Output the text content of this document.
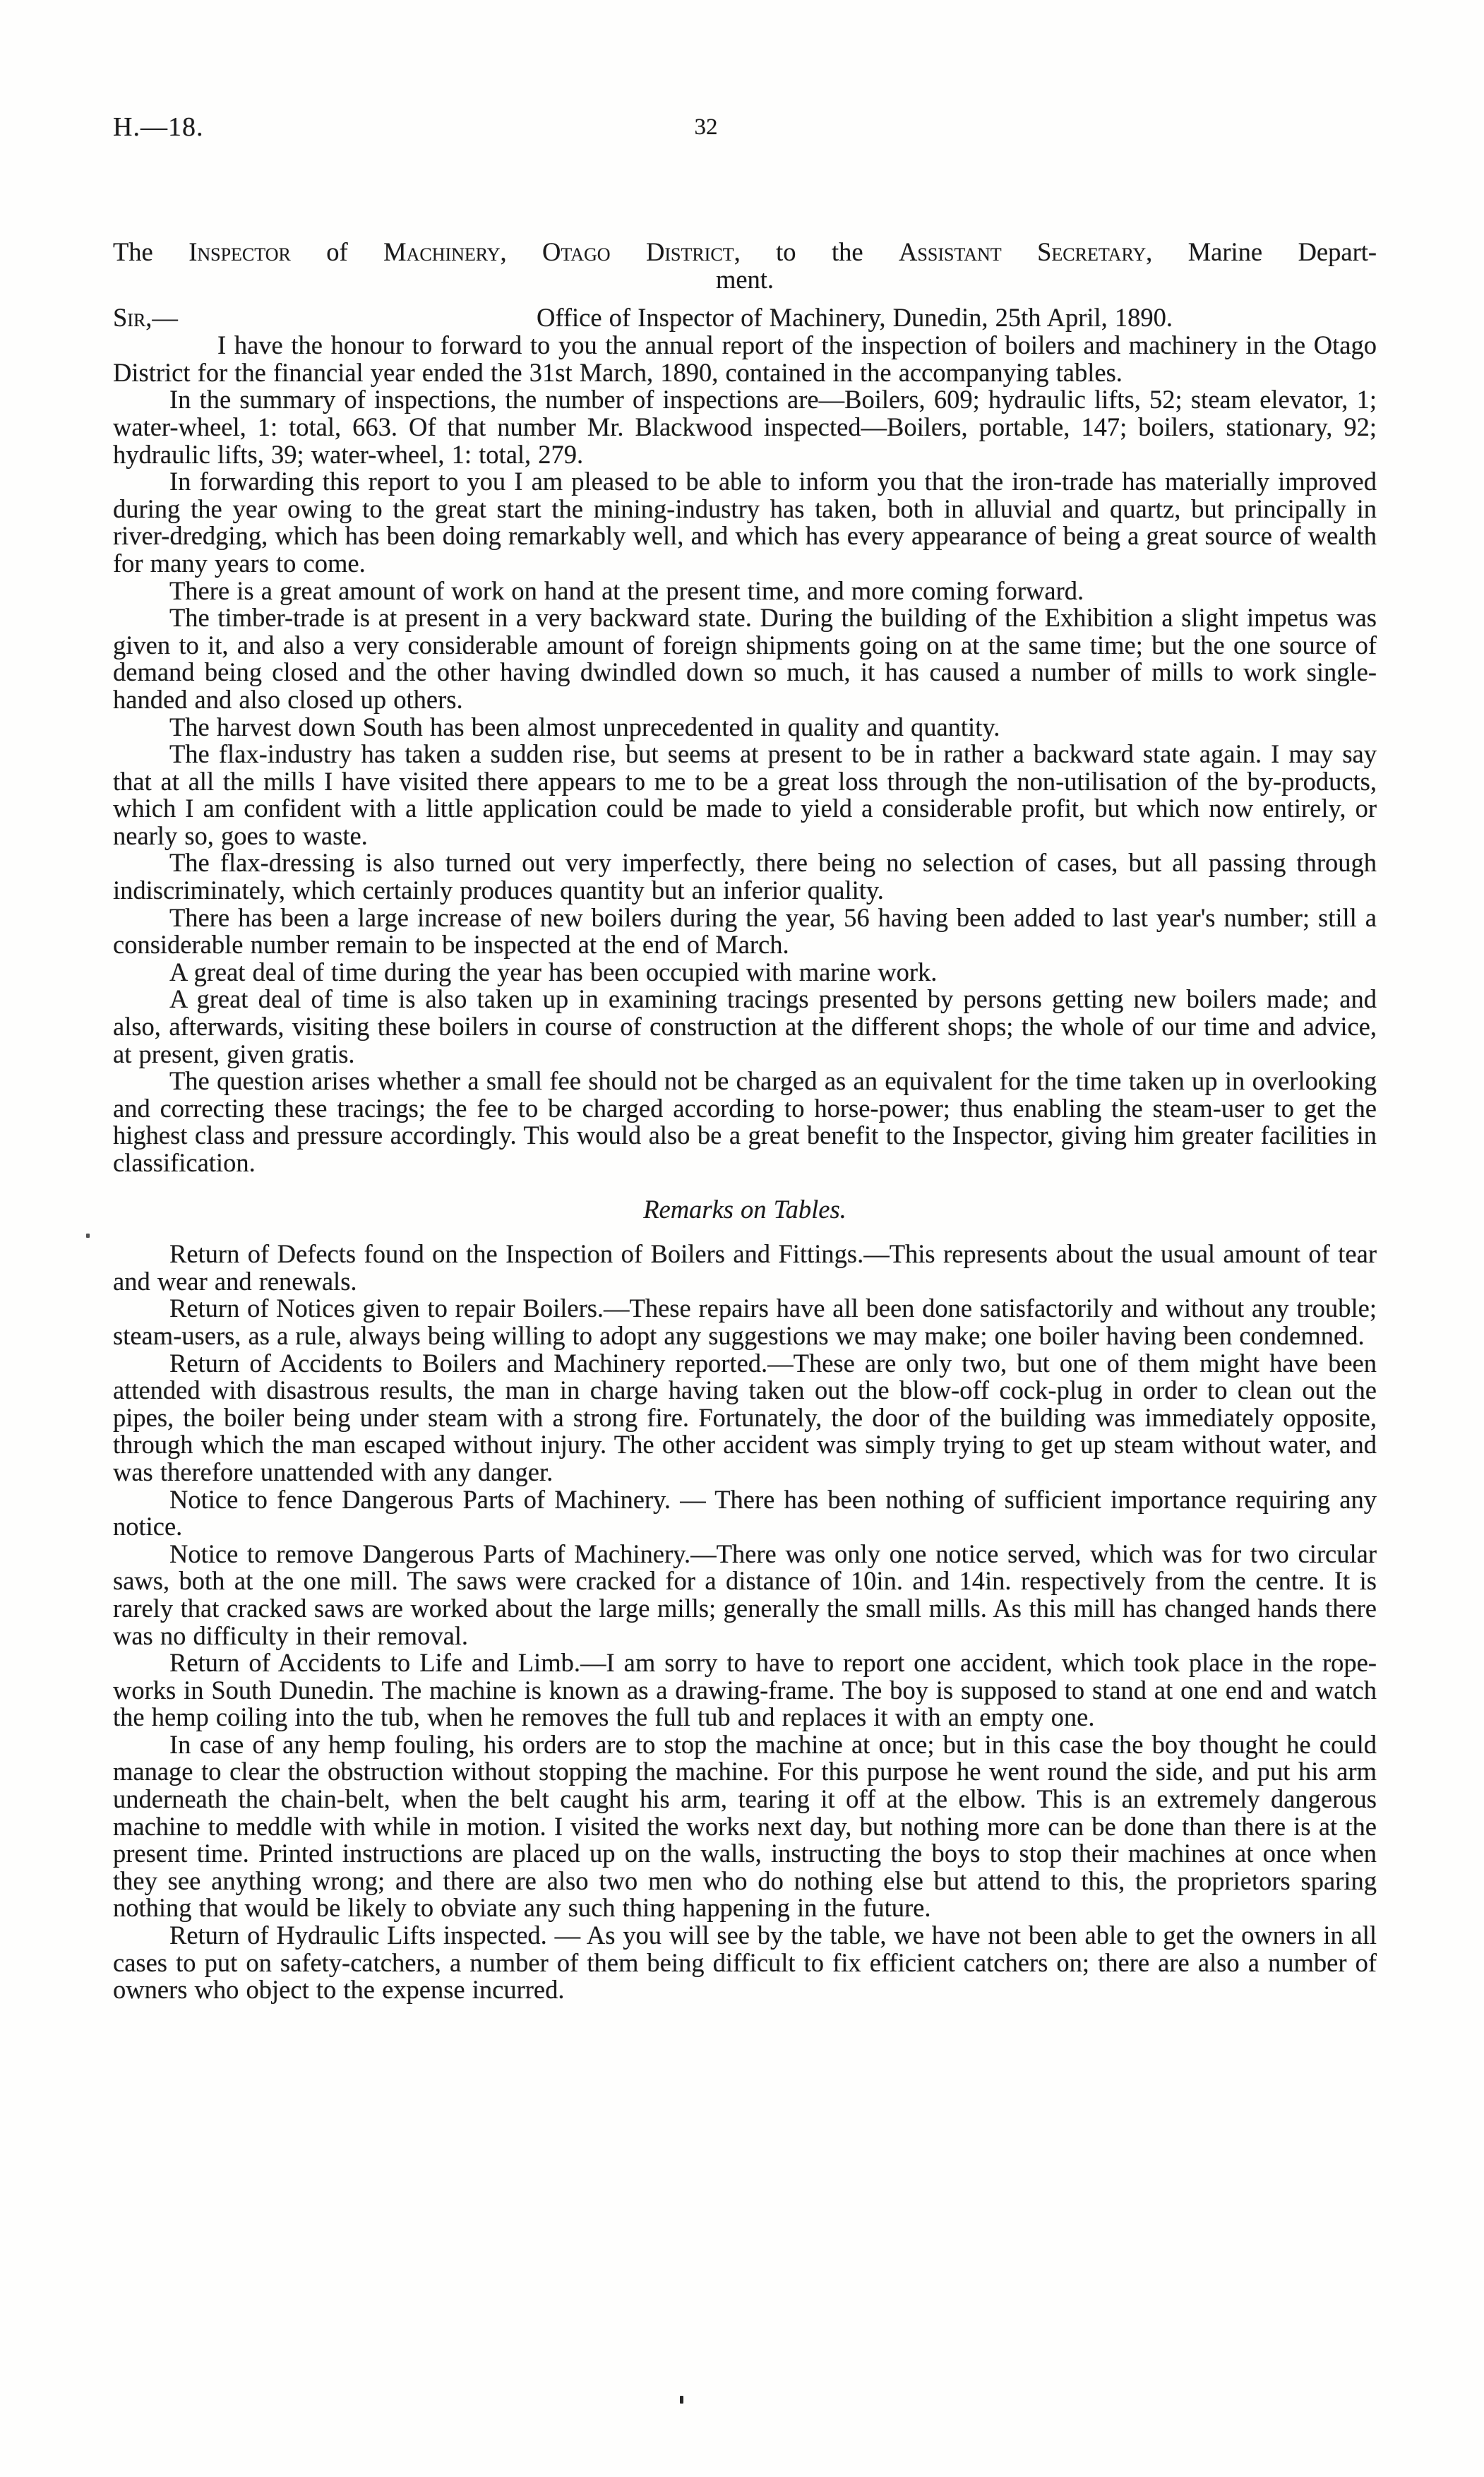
H.—18.	32
The Inspector of Machinery, Otago District, to the Assistant Secretary, Marine Depart-
ment.
Sir,—	Office of Inspector of Machinery, Dunedin, 25th April, 1890.

I have the honour to forward to you the annual report of the inspection of boilers and machinery in the Otago District for the financial year ended the 31st March, 1890, contained in the accompanying tables.

In the summary of inspections, the number of inspections are—Boilers, 609; hydraulic lifts, 52; steam elevator, 1; water-wheel, 1: total, 663. Of that number Mr. Blackwood inspected—Boilers, portable, 147; boilers, stationary, 92; hydraulic lifts, 39; water-wheel, 1: total, 279.

In forwarding this report to you I am pleased to be able to inform you that the iron-trade has materially improved during the year owing to the great start the mining-industry has taken, both in alluvial and quartz, but principally in river-dredging, which has been doing remarkably well, and which has every appearance of being a great source of wealth for many years to come.

There is a great amount of work on hand at the present time, and more coming forward.

The timber-trade is at present in a very backward state. During the building of the Exhibition a slight impetus was given to it, and also a very considerable amount of foreign shipments going on at the same time; but the one source of demand being closed and the other having dwindled down so much, it has caused a number of mills to work single-handed and also closed up others.

The harvest down South has been almost unprecedented in quality and quantity.

The flax-industry has taken a sudden rise, but seems at present to be in rather a backward state again. I may say that at all the mills I have visited there appears to me to be a great loss through the non-utilisation of the by-products, which I am confident with a little application could be made to yield a considerable profit, but which now entirely, or nearly so, goes to waste.

The flax-dressing is also turned out very imperfectly, there being no selection of cases, but all passing through indiscriminately, which certainly produces quantity but an inferior quality.

There has been a large increase of new boilers during the year, 56 having been added to last year's number; still a considerable number remain to be inspected at the end of March.

A great deal of time during the year has been occupied with marine work.

A great deal of time is also taken up in examining tracings presented by persons getting new boilers made; and also, afterwards, visiting these boilers in course of construction at the different shops; the whole of our time and advice, at present, given gratis.

The question arises whether a small fee should not be charged as an equivalent for the time taken up in overlooking and correcting these tracings; the fee to be charged according to horse-power; thus enabling the steam-user to get the highest class and pressure accordingly. This would also be a great benefit to the Inspector, giving him greater facilities in classification.

Remarks on Tables.

Return of Defects found on the Inspection of Boilers and Fittings.—This represents about the usual amount of tear and wear and renewals.

Return of Notices given to repair Boilers.—These repairs have all been done satisfactorily and without any trouble; steam-users, as a rule, always being willing to adopt any suggestions we may make; one boiler having been condemned.

Return of Accidents to Boilers and Machinery reported.—These are only two, but one of them might have been attended with disastrous results, the man in charge having taken out the blow-off cock-plug in order to clean out the pipes, the boiler being under steam with a strong fire. Fortunately, the door of the building was immediately opposite, through which the man escaped without injury. The other accident was simply trying to get up steam without water, and was therefore unattended with any danger.

Notice to fence Dangerous Parts of Machinery. — There has been nothing of sufficient importance requiring any notice.

Notice to remove Dangerous Parts of Machinery.—There was only one notice served, which was for two circular saws, both at the one mill. The saws were cracked for a distance of 10in. and 14in. respectively from the centre. It is rarely that cracked saws are worked about the large mills; generally the small mills. As this mill has changed hands there was no difficulty in their removal.

Return of Accidents to Life and Limb.—I am sorry to have to report one accident, which took place in the rope-works in South Dunedin. The machine is known as a drawing-frame. The boy is supposed to stand at one end and watch the hemp coiling into the tub, when he removes the full tub and replaces it with an empty one.

In case of any hemp fouling, his orders are to stop the machine at once; but in this case the boy thought he could manage to clear the obstruction without stopping the machine. For this purpose he went round the side, and put his arm underneath the chain-belt, when the belt caught his arm, tearing it off at the elbow. This is an extremely dangerous machine to meddle with while in motion. I visited the works next day, but nothing more can be done than there is at the present time. Printed instructions are placed up on the walls, instructing the boys to stop their machines at once when they see anything wrong; and there are also two men who do nothing else but attend to this, the proprietors sparing nothing that would be likely to obviate any such thing happening in the future.

Return of Hydraulic Lifts inspected. — As you will see by the table, we have not been able to get the owners in all cases to put on safety-catchers, a number of them being difficult to fix efficient catchers on; there are also a number of owners who object to the expense incurred.
